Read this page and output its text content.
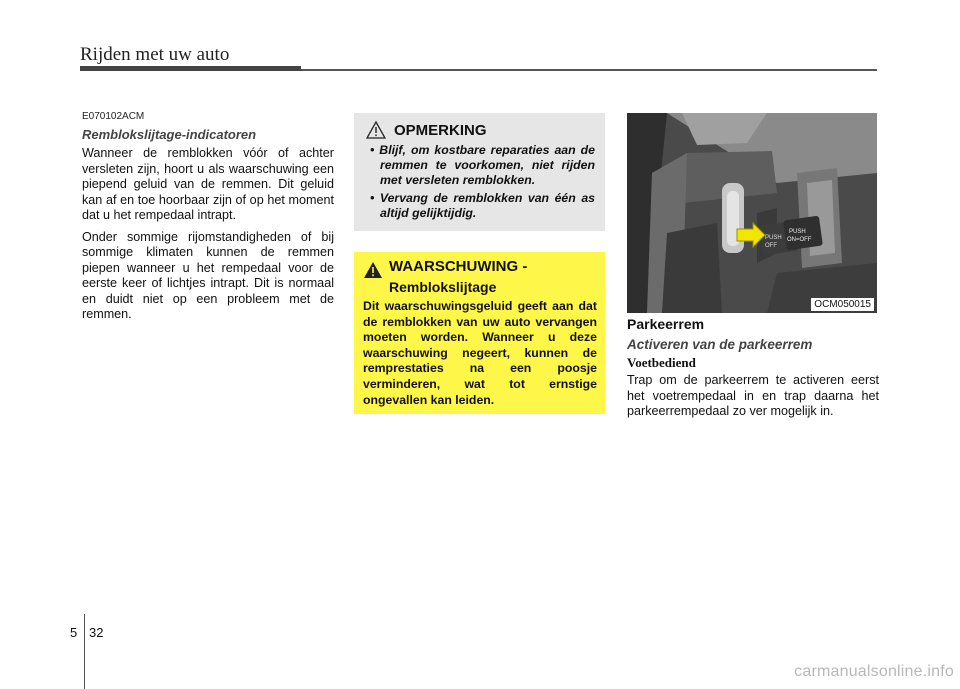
Rijden met uw auto
E070102ACM
Remblokslijtage-indicatoren

Wanneer de remblokken vóór of achter versleten zijn, hoort u als waarschuwing een piepend geluid van de remmen. Dit geluid kan af en toe hoorbaar zijn of op het moment dat u het rempedaal intrapt.

Onder sommige rijomstandigheden of bij sommige klimaten kunnen de remmen piepen wanneer u het rempedaal voor de eerste keer of lichtjes intrapt. Dit is normaal en duidt niet op een probleem met de remmen.

OPMERKING
• Blijf, om kostbare reparaties aan de remmen te voorkomen, niet rijden met versleten remblokken.
• Vervang de remblokken van één as altijd gelijktijdig.
WAARSCHUWING -
Remblokslijtage
Dit waarschuwingsgeluid geeft aan dat de remblokken van uw auto vervangen moeten worden. Wanneer u deze waarschuwing negeert, kunnen de remprestaties na een poosje verminderen, wat tot ernstige ongevallen kan leiden.
PUSH
OFF
PUSH
ON=OFF
OCM050015
Parkeerrem
Activeren van de parkeerrem
Voetbediend

Trap om de parkeerrem te activeren eerst het voetrempedaal in en trap daarna het parkeerrempedaal zo ver mogelijk in.

5 32
carmanualsonline.info
